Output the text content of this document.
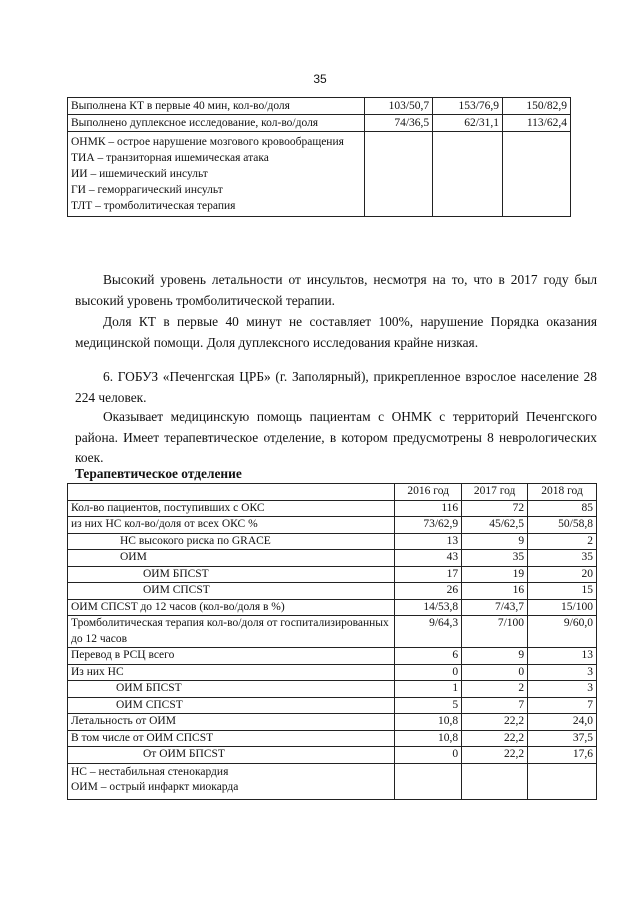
35
Выполнена КТ в первые 40 мин, кол-во/доля	103/50,7	153/76,9	150/82,9
Выполнено дуплексное исследование, кол-во/доля	74/36,5	62/31,1	113/62,4

ОНМК – острое нарушение мозгового кровообращения
ТИА – транзиторная ишемическая атака
ИИ – ишемический инсульт
ГИ – геморрагический инсульт
ТЛТ – тромболитическая терапия			

Высокий уровень летальности от инсультов, несмотря на то, что в 2017 году был высокий уровень тромболитической терапии.

Доля КТ в первые 40 минут не составляет 100%, нарушение Порядка оказания медицинской помощи. Доля дуплексного исследования крайне низкая.

6. ГОБУЗ «Печенгская ЦРБ» (г. Заполярный), прикрепленное взрослое население 28 224 человек.

Оказывает медицинскую помощь пациентам с ОНМК с территорий Печенгского района. Имеет терапевтическое отделение, в котором предусмотрены 8 неврологических коек.

Терапевтическое отделение
	2016 год	2017 год	2018 год
Кол-во пациентов, поступивших с ОКС	116	72	85
из них НС кол-во/доля от всех ОКС %	73/62,9	45/62,5	50/58,8
НС высокого риска по GRACE	13	9	2
ОИМ	43	35	35
ОИМ БПСST	17	19	20
ОИМ СПСST	26	16	15
ОИМ СПСST до 12 часов (кол-во/доля в %)	14/53,8	7/43,7	15/100
Тромболитическая терапия кол-во/доля от госпитализированных до 12 часов	9/64,3	7/100	9/60,0
Перевод в РСЦ всего	6	9	13
Из них НС	0	0	3
ОИМ БПСST	1	2	3
ОИМ СПСST	5	7	7
Летальность от ОИМ	10,8	22,2	24,0
В том числе от ОИМ СПСST	10,8	22,2	37,5
От ОИМ БПСST	0	22,2	17,6

НС – нестабильная стенокардия
ОИМ – острый инфаркт миокарда			
